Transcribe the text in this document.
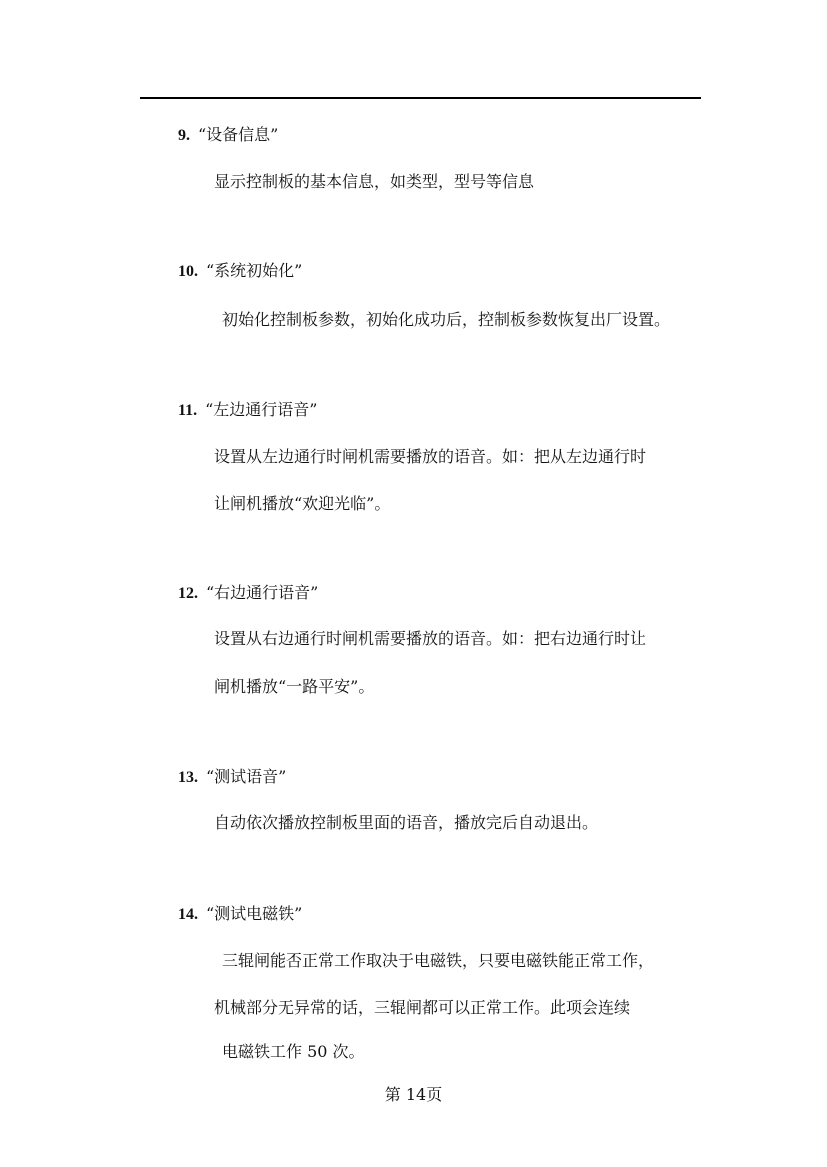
9. “设备信息”
显示控制板的基本信息，如类型，型号等信息
10. “系统初始化”
初始化控制板参数，初始化成功后，控制板参数恢复出厂设置。
11. “左边通行语音”
设置从左边通行时闸机需要播放的语音。如：把从左边通行时
让闸机播放“欢迎光临”。
12. “右边通行语音”
设置从右边通行时闸机需要播放的语音。如：把右边通行时让
闸机播放“一路平安”。
13. “测试语音”
自动依次播放控制板里面的语音，播放完后自动退出。
14. “测试电磁铁”
三辊闸能否正常工作取决于电磁铁，只要电磁铁能正常工作，
机械部分无异常的话，三辊闸都可以正常工作。此项会连续
电磁铁工作 50 次。
第 14页
